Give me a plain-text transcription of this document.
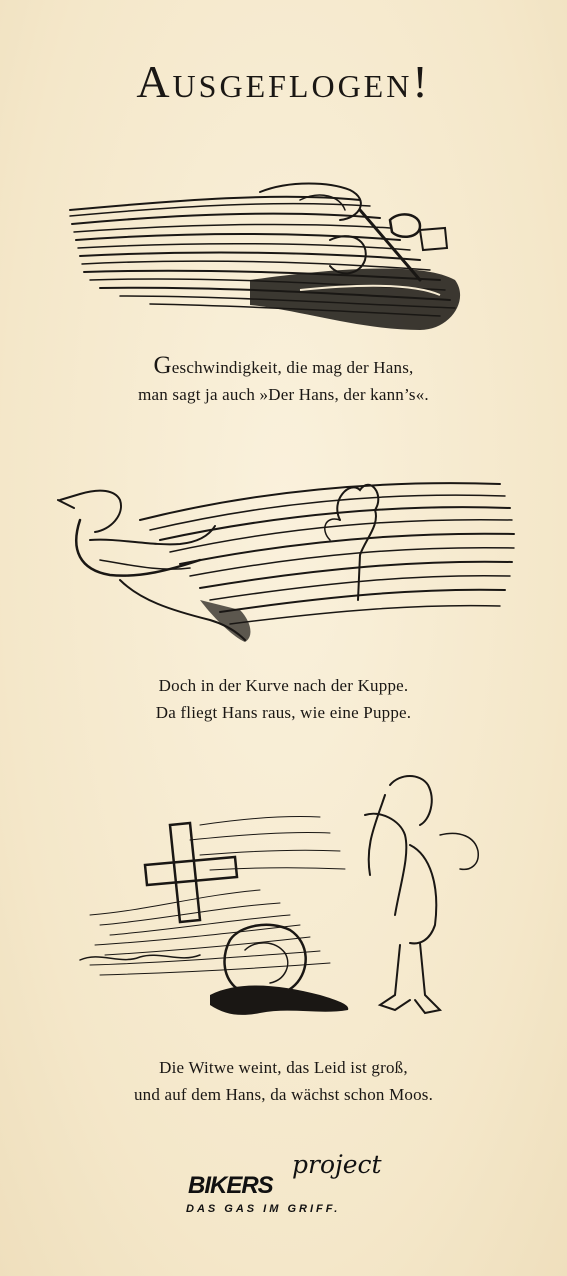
Ausgeflogen!
Geschwindigkeit, die mag der Hans,
man sagt ja auch »Der Hans, der kann’s«.
Doch in der Kurve nach der Kuppe.
Da fliegt Hans raus, wie eine Puppe.
Die Witwe weint, das Leid ist groß,
und auf dem Hans, da wächst schon Moos.
BIKERS
project
DAS GAS IM GRIFF.
